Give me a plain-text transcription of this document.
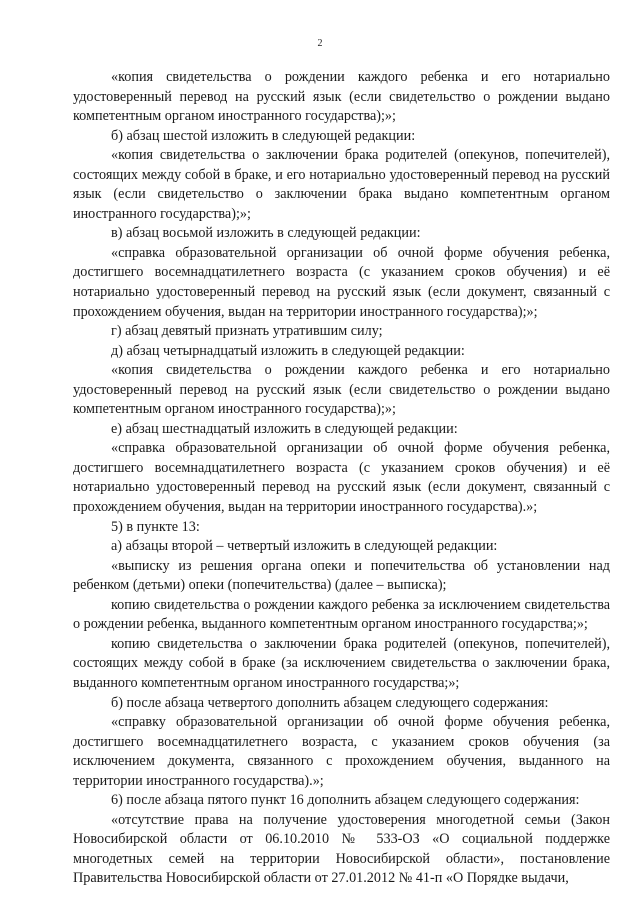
2

«копия свидетельства о рождении каждого ребенка и его нотариально удостоверенный перевод на русский язык (если свидетельство о рождении выдано компетентным органом иностранного государства);»;

б) абзац шестой изложить в следующей редакции:

«копия свидетельства о заключении брака родителей (опекунов, попечителей), состоящих между собой в браке, и его нотариально удостоверенный перевод на русский язык (если свидетельство о заключении брака выдано компетентным органом иностранного государства);»;

в) абзац восьмой изложить в следующей редакции:

«справка образовательной организации об очной форме обучения ребенка, достигшего восемнадцатилетнего возраста (с указанием сроков обучения) и её нотариально удостоверенный перевод на русский язык (если документ, связанный с прохождением обучения, выдан на территории иностранного государства);»;

г) абзац девятый признать утратившим силу;

д) абзац четырнадцатый изложить в следующей редакции:

«копия свидетельства о рождении каждого ребенка и его нотариально удостоверенный перевод на русский язык (если свидетельство о рождении выдано компетентным органом иностранного государства);»;

е) абзац шестнадцатый изложить в следующей редакции:

«справка образовательной организации об очной форме обучения ребенка, достигшего восемнадцатилетнего возраста (с указанием сроков обучения) и её нотариально удостоверенный перевод на русский язык (если документ, связанный с прохождением обучения, выдан на территории иностранного государства).»;

5) в пункте 13:

а) абзацы второй – четвертый изложить в следующей редакции:

«выписку из решения органа опеки и попечительства об установлении над ребенком (детьми) опеки (попечительства) (далее – выписка);

копию свидетельства о рождении каждого ребенка за исключением свидетельства о рождении ребенка, выданного компетентным органом иностранного государства;»;

копию свидетельства о заключении брака родителей (опекунов, попечителей), состоящих между собой в браке (за исключением свидетельства о заключении брака, выданного компетентным органом иностранного государства;»;

б) после абзаца четвертого дополнить абзацем следующего содержания:

«справку образовательной организации об очной форме обучения ребенка, достигшего восемнадцатилетнего возраста, с указанием сроков обучения (за исключением документа, связанного с прохождением обучения, выданного на территории иностранного государства).»;

6) после абзаца пятого пункт 16 дополнить абзацем следующего содержания:

«отсутствие права на получение удостоверения многодетной семьи (Закон Новосибирской области от 06.10.2010 № 533-ОЗ «О социальной поддержке многодетных семей на территории Новосибирской области», постановление Правительства Новосибирской области от 27.01.2012 № 41-п «О Порядке выдачи,
